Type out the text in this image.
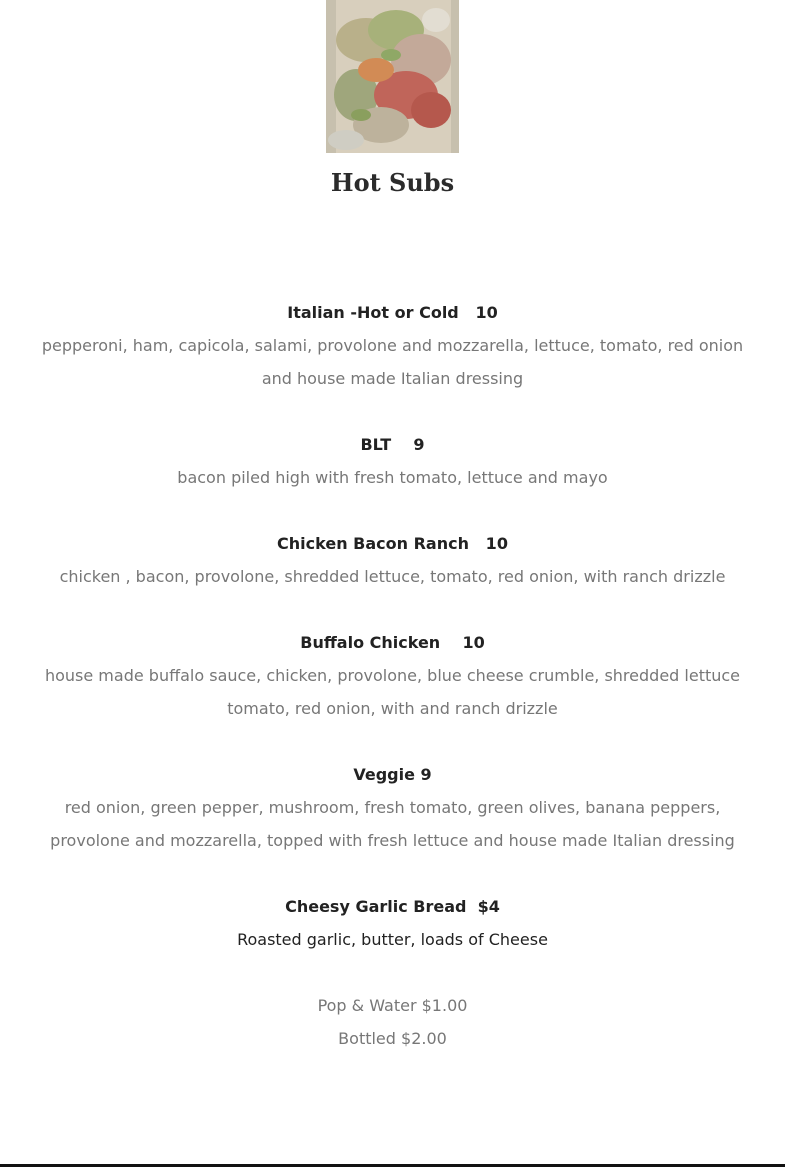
Hot Subs
Italian -Hot or Cold   10
pepperoni, ham, capicola, salami, provolone and mozzarella, lettuce, tomato, red onion and house made Italian dressing
BLT    9
bacon piled high with fresh tomato, lettuce and mayo
Chicken Bacon Ranch   10
chicken , bacon, provolone, shredded lettuce, tomato, red onion, with ranch drizzle
Buffalo Chicken    10
house made buffalo sauce, chicken, provolone, blue cheese crumble, shredded lettuce tomato, red onion, with and ranch drizzle
Veggie 9
red onion, green pepper, mushroom, fresh tomato, green olives, banana peppers, provolone and mozzarella, topped with fresh lettuce and house made Italian dressing
Cheesy Garlic Bread  $4
Roasted garlic, butter, loads of Cheese
Pop & Water $1.00
Bottled $2.00
